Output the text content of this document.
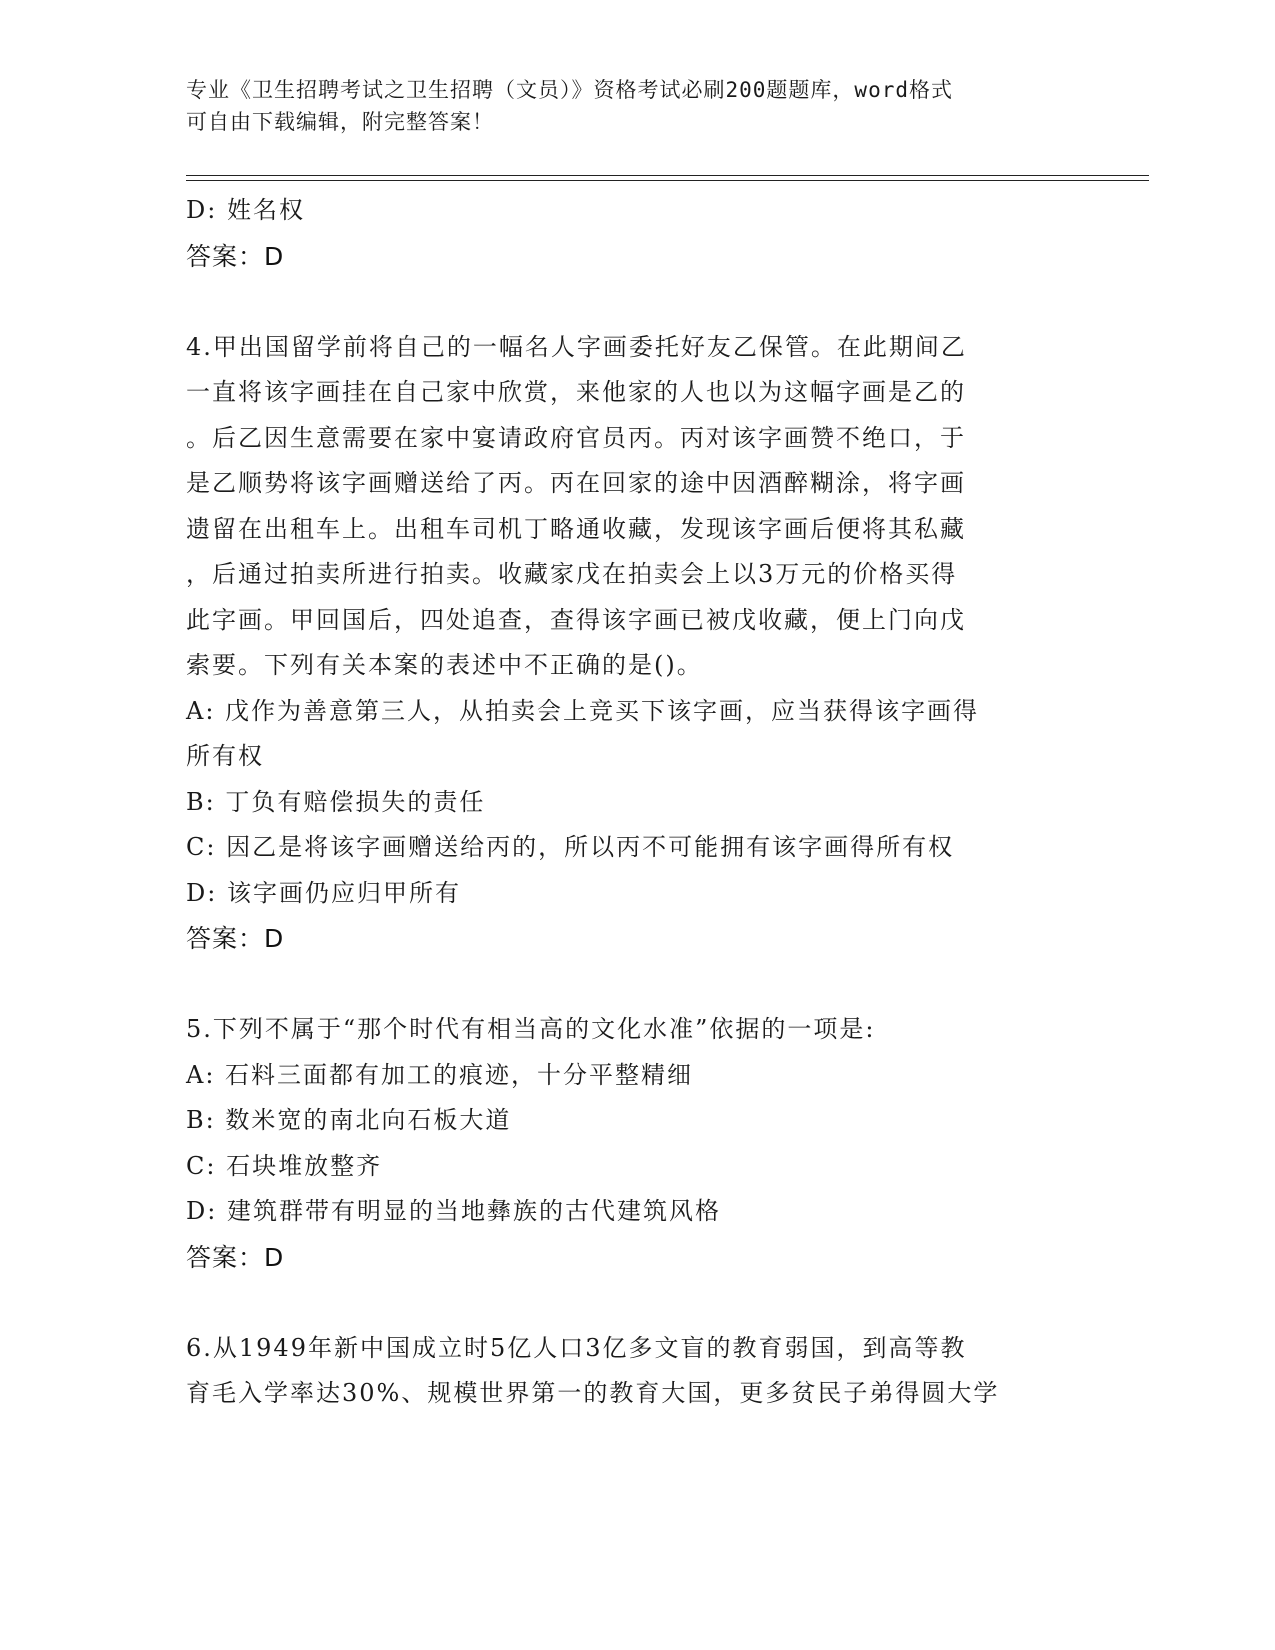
专业《卫生招聘考试之卫生招聘（文员）》资格考试必刷200题题库，word格式
可自由下载编辑，附完整答案！
D: 姓名权
答案：D
4.甲出国留学前将自己的一幅名人字画委托好友乙保管。在此期间乙
一直将该字画挂在自己家中欣赏，来他家的人也以为这幅字画是乙的
。后乙因生意需要在家中宴请政府官员丙。丙对该字画赞不绝口，于
是乙顺势将该字画赠送给了丙。丙在回家的途中因酒醉糊涂，将字画
遗留在出租车上。出租车司机丁略通收藏，发现该字画后便将其私藏
，后通过拍卖所进行拍卖。收藏家戊在拍卖会上以3万元的价格买得
此字画。甲回国后，四处追查，查得该字画已被戊收藏，便上门向戊
索要。下列有关本案的表述中不正确的是()。
A: 戊作为善意第三人，从拍卖会上竞买下该字画，应当获得该字画得
所有权
B: 丁负有赔偿损失的责任
C: 因乙是将该字画赠送给丙的，所以丙不可能拥有该字画得所有权
D: 该字画仍应归甲所有
答案：D
5.下列不属于“那个时代有相当高的文化水准”依据的一项是:
A: 石料三面都有加工的痕迹，十分平整精细
B: 数米宽的南北向石板大道
C: 石块堆放整齐
D: 建筑群带有明显的当地彝族的古代建筑风格
答案：D
6.从1949年新中国成立时5亿人口3亿多文盲的教育弱国，到高等教
育毛入学率达30%、规模世界第一的教育大国，更多贫民子弟得圆大学
